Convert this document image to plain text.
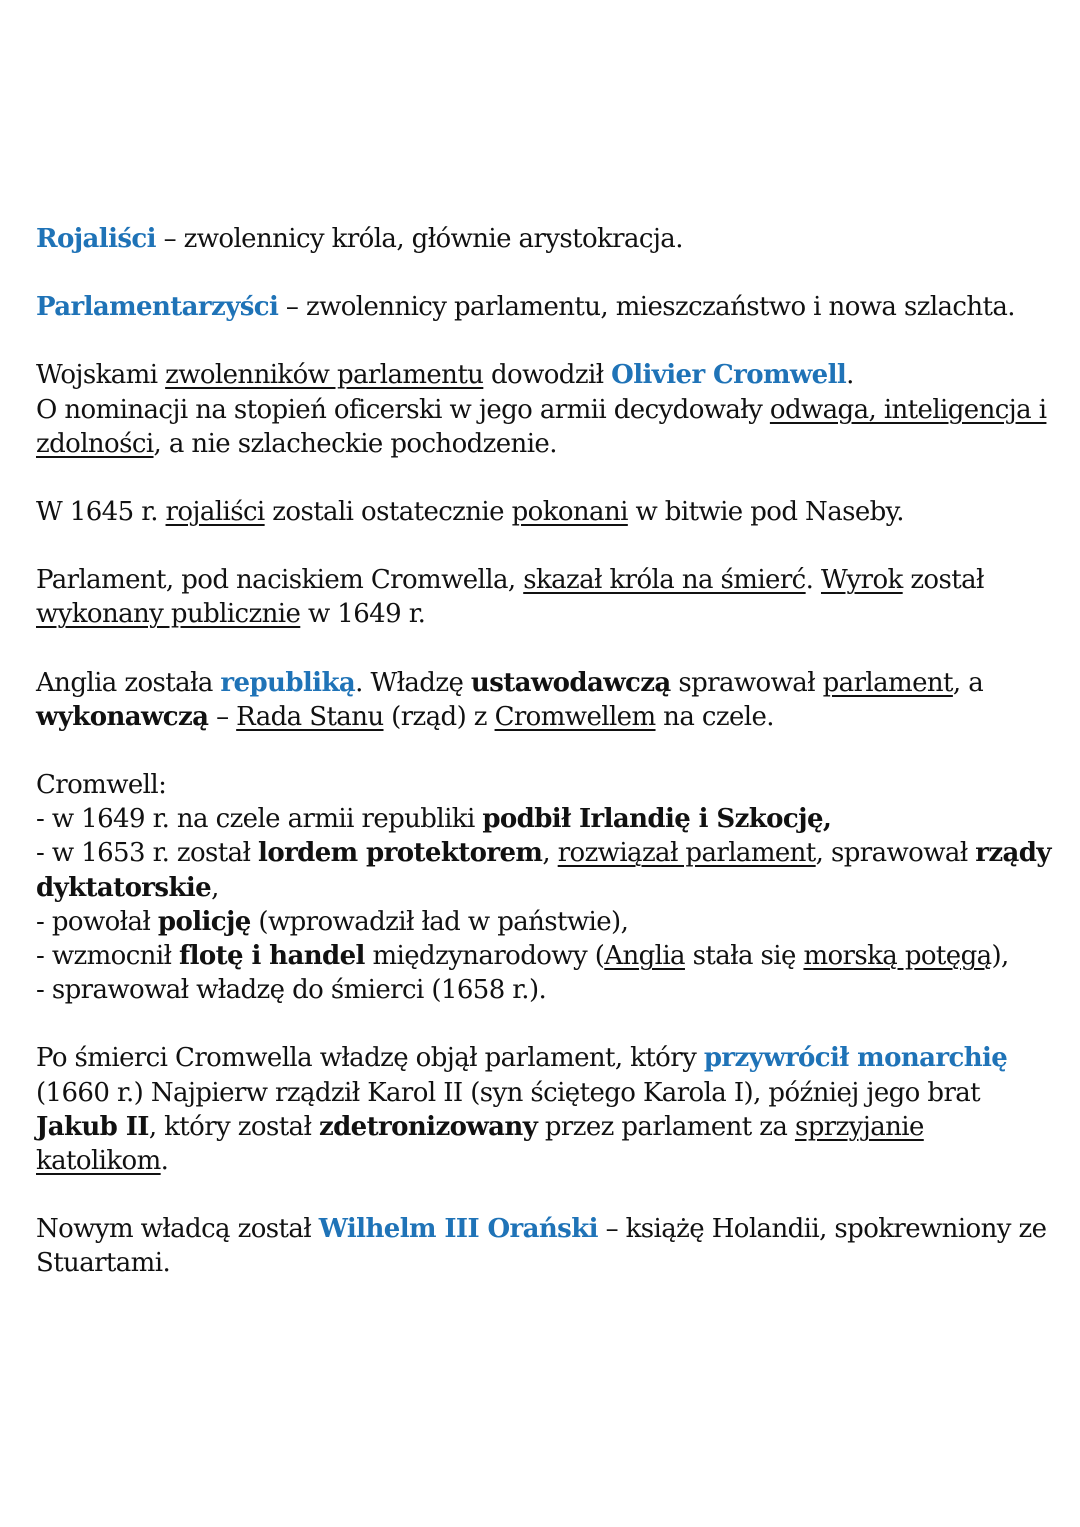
Rojaliści – zwolennicy króla, głównie arystokracja.

Parlamentarzyści – zwolennicy parlamentu, mieszczaństwo i nowa szlachta.

Wojskami zwolenników parlamentu dowodził Olivier Cromwell.
O nominacji na stopień oficerski w jego armii decydowały odwaga, inteligencja i zdolności, a nie szlacheckie pochodzenie.

W 1645 r. rojaliści zostali ostatecznie pokonani w bitwie pod Naseby.

Parlament, pod naciskiem Cromwella, skazał króla na śmierć. Wyrok został wykonany publicznie w 1649 r.

Anglia została republiką. Władzę ustawodawczą sprawował parlament, a wykonawczą – Rada Stanu (rząd) z Cromwellem na czele.

Cromwell:
- w 1649 r. na czele armii republiki podbił Irlandię i Szkocję,
- w 1653 r. został lordem protektorem, rozwiązał parlament, sprawował rządy dyktatorskie,
- powołał policję (wprowadził ład w państwie),
- wzmocnił flotę i handel międzynarodowy (Anglia stała się morską potęgą),
- sprawował władzę do śmierci (1658 r.).

Po śmierci Cromwella władzę objął parlament, który przywrócił monarchię (1660 r.) Najpierw rządził Karol II (syn ściętego Karola I), później jego brat Jakub II, który został zdetronizowany przez parlament za sprzyjanie katolikom.

Nowym władcą został Wilhelm III Orański – książę Holandii, spokrewniony ze Stuartami.
